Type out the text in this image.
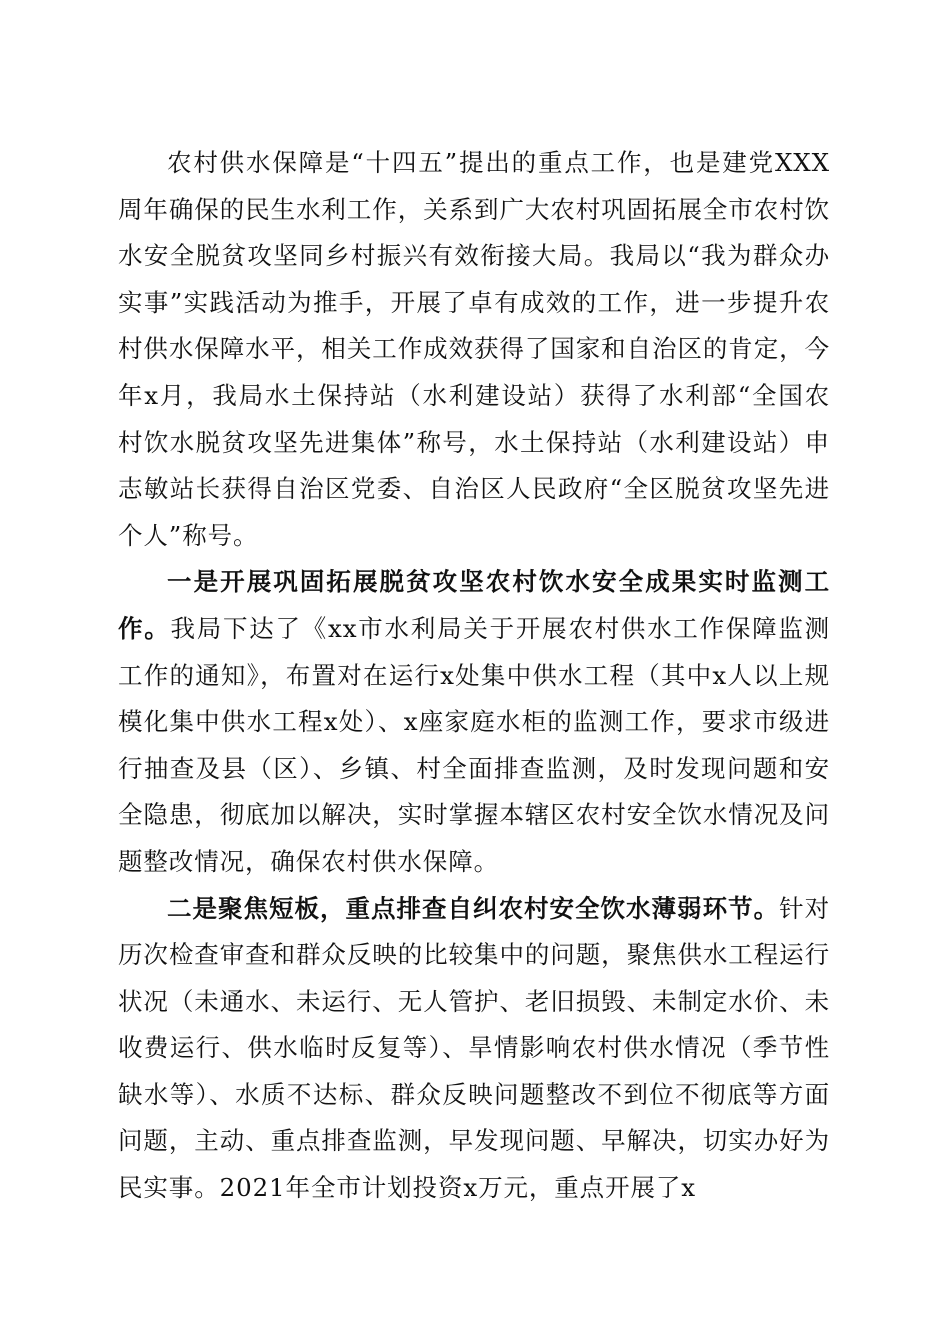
农村供水保障是“十四五”提出的重点工作，也是建党XXX周年确保的民生水利工作，关系到广大农村巩固拓展全市农村饮水安全脱贫攻坚同乡村振兴有效衔接大局。我局以“我为群众办实事”实践活动为推手，开展了卓有成效的工作，进一步提升农村供水保障水平，相关工作成效获得了国家和自治区的肯定，今年x月，我局水土保持站（水利建设站）获得了水利部“全国农村饮水脱贫攻坚先进集体”称号，水土保持站（水利建设站）申志敏站长获得自治区党委、自治区人民政府“全区脱贫攻坚先进个人”称号。

一是开展巩固拓展脱贫攻坚农村饮水安全成果实时监测工作。我局下达了《xx市水利局关于开展农村供水工作保障监测工作的通知》，布置对在运行x处集中供水工程（其中x人以上规模化集中供水工程x处）、x座家庭水柜的监测工作，要求市级进行抽查及县（区）、乡镇、村全面排查监测，及时发现问题和安全隐患，彻底加以解决，实时掌握本辖区农村安全饮水情况及问题整改情况，确保农村供水保障。

二是聚焦短板，重点排查自纠农村安全饮水薄弱环节。针对历次检查审查和群众反映的比较集中的问题，聚焦供水工程运行状况（未通水、未运行、无人管护、老旧损毁、未制定水价、未收费运行、供水临时反复等）、旱情影响农村供水情况（季节性缺水等）、水质不达标、群众反映问题整改不到位不彻底等方面问题，主动、重点排查监测，早发现问题、早解决，切实办好为民实事。2021年全市计划投资x万元，重点开展了x
